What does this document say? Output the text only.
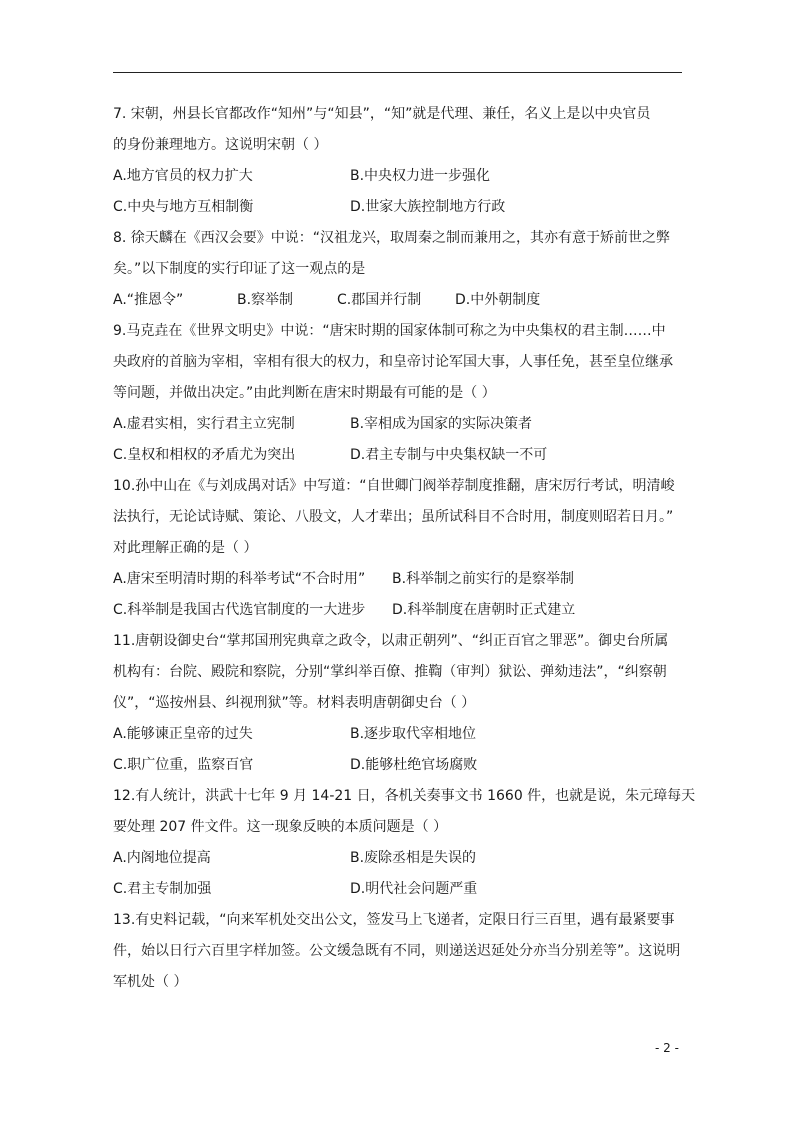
7. 宋朝，州县长官都改作“知州”与“知县”，“知”就是代理、兼任，名义上是以中央官员
的身份兼理地方。这说明宋朝（ ）
A.地方官员的权力扩大	B.中央权力进一步强化
C.中央与地方互相制衡	D.世家大族控制地方行政
8. 徐天麟在《西汉会要》中说：“汉祖龙兴，取周秦之制而兼用之，其亦有意于矫前世之弊
矣。”以下制度的实行印证了这一观点的是
A.“推恩令”	B.察举制	C.郡国并行制 D.中外朝制度
9.马克垚在《世界文明史》中说：“唐宋时期的国家体制可称之为中央集权的君主制……中
央政府的首脑为宰相，宰相有很大的权力，和皇帝讨论军国大事，人事任免，甚至皇位继承
等问题，并做出决定。”由此判断在唐宋时期最有可能的是（ ）
A.虚君实相，实行君主立宪制	B.宰相成为国家的实际决策者
C.皇权和相权的矛盾尤为突出	D.君主专制与中央集权缺一不可
10.孙中山在《与刘成禺对话》中写道：“自世卿门阀举荐制度推翻，唐宋厉行考试，明清峻
法执行，无论试诗赋、策论、八股文，人才辈出；虽所试科目不合时用，制度则昭若日月。”
对此理解正确的是（ ）
A.唐宋至明清时期的科举考试“不合时用” B.科举制之前实行的是察举制
C.科举制是我国古代选官制度的一大进步 D.科举制度在唐朝时正式建立
11.唐朝设御史台“掌邦国刑宪典章之政令，以肃正朝列”、“纠正百官之罪恶”。御史台所属
机构有：台院、殿院和察院，分别“掌纠举百僚、推鞫（审判）狱讼、弹劾违法”，“纠察朝
仪”，“巡按州县、纠视刑狱”等。材料表明唐朝御史台（ ）
A.能够谏正皇帝的过失	B.逐步取代宰相地位
C.职广位重，监察百官	D.能够杜绝官场腐败
12.有人统计，洪武十七年 9 月 14-21 日，各机关奏事文书 1660 件，也就是说，朱元璋每天
要处理 207 件文件。这一现象反映的本质问题是（ ）
A.内阁地位提高	B.废除丞相是失误的
C.君主专制加强	D.明代社会问题严重
13.有史料记载，“向来军机处交出公文，签发马上飞递者，定限日行三百里，遇有最紧要事
件，始以日行六百里字样加签。公文缓急既有不同，则递送迟延处分亦当分别差等”。这说明
军机处（ ）
- 2 -
